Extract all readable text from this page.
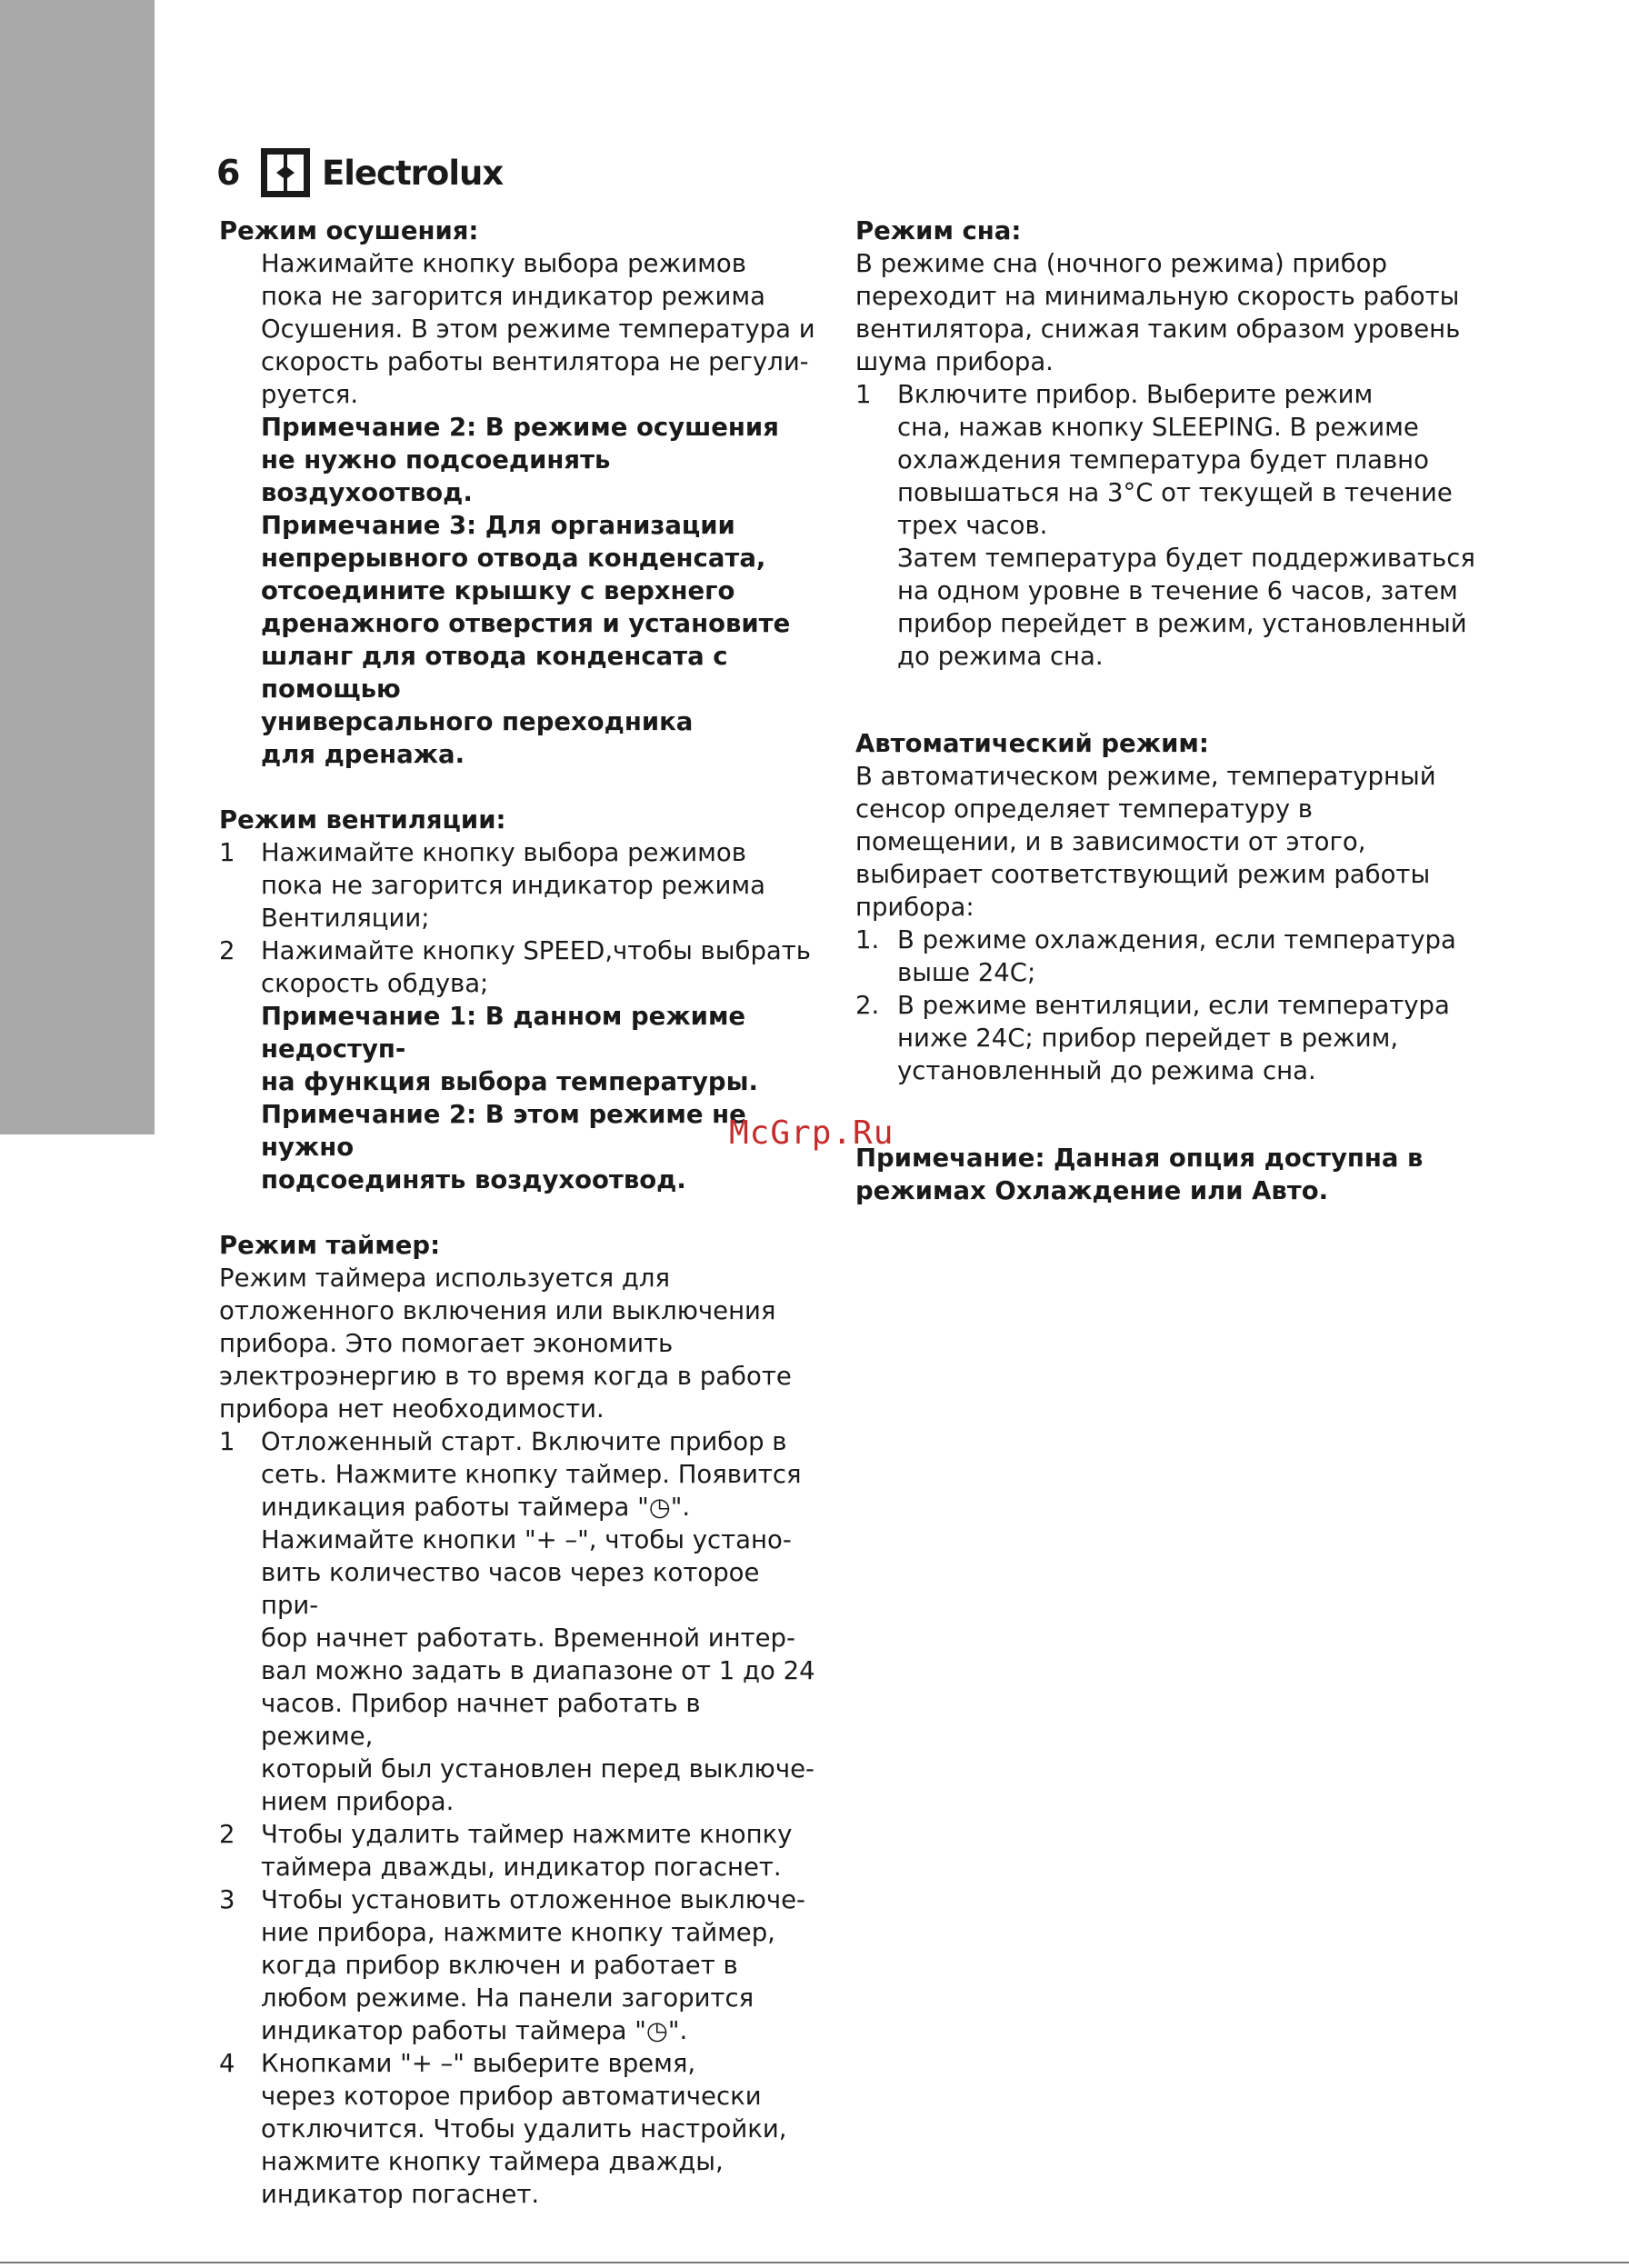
6	Electrolux

Режим осушения:

Нажимайте кнопку выбора режимов
пока не загорится индикатор режима
Осушения. В этом режиме температура и
скорость работы вентилятора не регули-
руется.

Примечание 2: В режиме осушения
не нужно подсоединять воздухоотвод.
Примечание 3: Для организации
непрерывного отвода конденсата,
отсоедините крышку с верхнего
дренажного отверстия и установите
шланг для отвода конденсата с помощью
универсального переходника
для дренажа.

Режим вентиляции:

1	Нажимайте кнопку выбора режимов
пока не загорится индикатор режима
Вентиляции;
2	Нажимайте кнопку SPEED,чтобы выбрать
скорость обдува;

Примечание 1: В данном режиме недоступ-
на функция выбора температуры.
Примечание 2: В этом режиме не нужно
подсоединять воздухоотвод.

Режим таймер:

Режим таймера используется для
отложенного включения или выключения
прибора. Это помогает экономить
электроэнергию в то время когда в работе
прибора нет необходимости.

1	Отложенный старт. Включите прибор в
сеть. Нажмите кнопку таймер. Появится
индикация работы таймера "◷".
Нажимайте кнопки "+ –", чтобы устано-
вить количество часов через которое при-
бор начнет работать. Временной интер-
вал можно задать в диапазоне от 1 до 24
часов. Прибор начнет работать в режиме,
который был установлен перед выключе-
нием прибора.
2	Чтобы удалить таймер нажмите кнопку
таймера дважды, индикатор погаснет.
3	Чтобы установить отложенное выключе-
ние прибора, нажмите кнопку таймер,
когда прибор включен и работает в
любом режиме. На панели загорится
индикатор работы таймера "◷".
4	Кнопками "+ –" выберите время,
через которое прибор автоматически
отключится. Чтобы удалить настройки,
нажмите кнопку таймера дважды,
индикатор погаснет.

Режим сна:

В режиме сна (ночного режима) прибор
переходит на минимальную скорость работы
вентилятора, снижая таким образом уровень
шума прибора.

1	Включите прибор. Выберите режим
сна, нажав кнопку SLEEPING. В режиме
охлаждения температура будет плавно
повышаться на 3°С от текущей в течение
трех часов.
Затем температура будет поддерживаться
на одном уровне в течение 6 часов, затем
прибор перейдет в режим, установленный
до режима сна.

Автоматический режим:

В автоматическом режиме, температурный
сенсор определяет температуру в
помещении, и в зависимости от этого,
выбирает соответствующий режим работы
прибора:

1. В режиме охлаждения, если температура
выше 24С;
2. В режиме вентиляции, если температура
ниже 24С; прибор перейдет в режим,
установленный до режима сна.

Примечание: Данная опция доступна в
режимах Охлаждение или Авто.

McGrp.Ru
